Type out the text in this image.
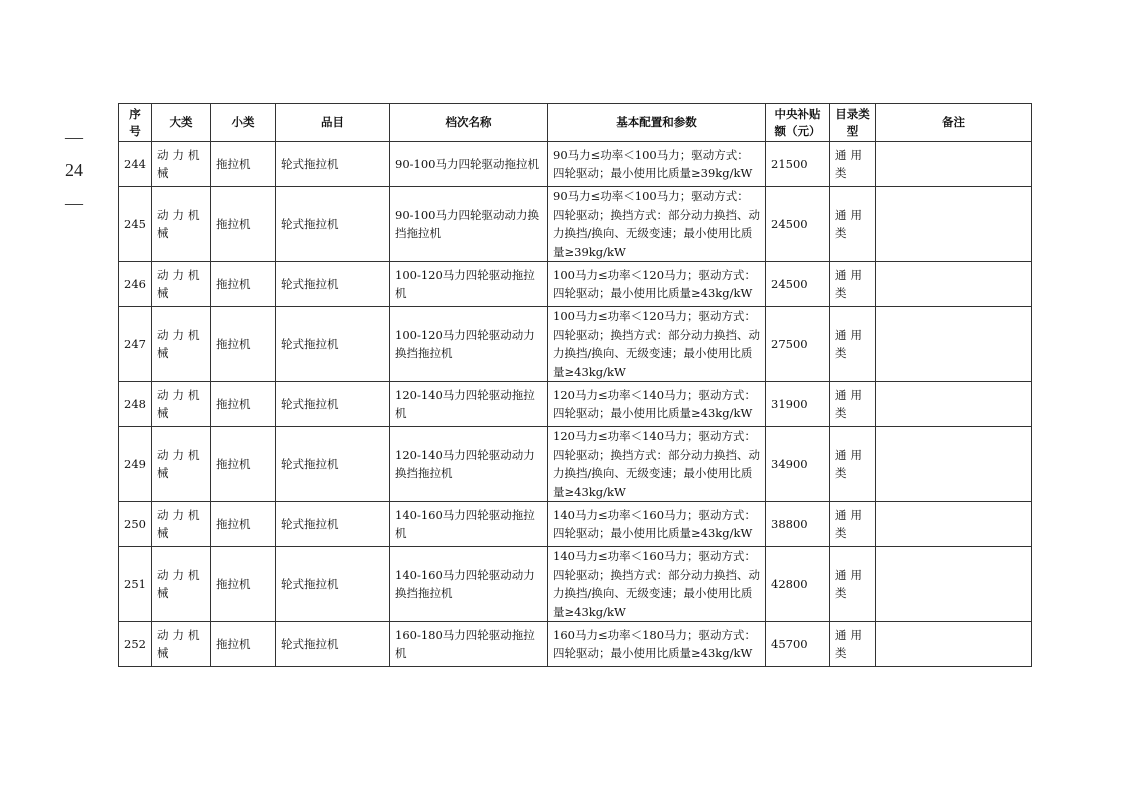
—
24
—
序号	大类	小类	品目	档次名称	基本配置和参数	中央补贴额（元）	目录类型	备注
244	动力机械	拖拉机	轮式拖拉机	90-100马力四轮驱动拖拉机	90马力≤功率＜100马力；驱动方式：四轮驱动；最小使用比质量≥39kg/kW	21500	通用类	
245	动力机械	拖拉机	轮式拖拉机	90-100马力四轮驱动动力换挡拖拉机	90马力≤功率＜100马力；驱动方式：四轮驱动；换挡方式：部分动力换挡、动力换挡/换向、无级变速；最小使用比质量≥39kg/kW	24500	通用类	
246	动力机械	拖拉机	轮式拖拉机	100-120马力四轮驱动拖拉机	100马力≤功率＜120马力；驱动方式：四轮驱动；最小使用比质量≥43kg/kW	24500	通用类	
247	动力机械	拖拉机	轮式拖拉机	100-120马力四轮驱动动力换挡拖拉机	100马力≤功率＜120马力；驱动方式：四轮驱动；换挡方式：部分动力换挡、动力换挡/换向、无级变速；最小使用比质量≥43kg/kW	27500	通用类	
248	动力机械	拖拉机	轮式拖拉机	120-140马力四轮驱动拖拉机	120马力≤功率＜140马力；驱动方式：四轮驱动；最小使用比质量≥43kg/kW	31900	通用类	
249	动力机械	拖拉机	轮式拖拉机	120-140马力四轮驱动动力换挡拖拉机	120马力≤功率＜140马力；驱动方式：四轮驱动；换挡方式：部分动力换挡、动力换挡/换向、无级变速；最小使用比质量≥43kg/kW	34900	通用类	
250	动力机械	拖拉机	轮式拖拉机	140-160马力四轮驱动拖拉机	140马力≤功率＜160马力；驱动方式：四轮驱动；最小使用比质量≥43kg/kW	38800	通用类	
251	动力机械	拖拉机	轮式拖拉机	140-160马力四轮驱动动力换挡拖拉机	140马力≤功率＜160马力；驱动方式：四轮驱动；换挡方式：部分动力换挡、动力换挡/换向、无级变速；最小使用比质量≥43kg/kW	42800	通用类	
252	动力机械	拖拉机	轮式拖拉机	160-180马力四轮驱动拖拉机	160马力≤功率＜180马力；驱动方式：四轮驱动；最小使用比质量≥43kg/kW	45700	通用类	
